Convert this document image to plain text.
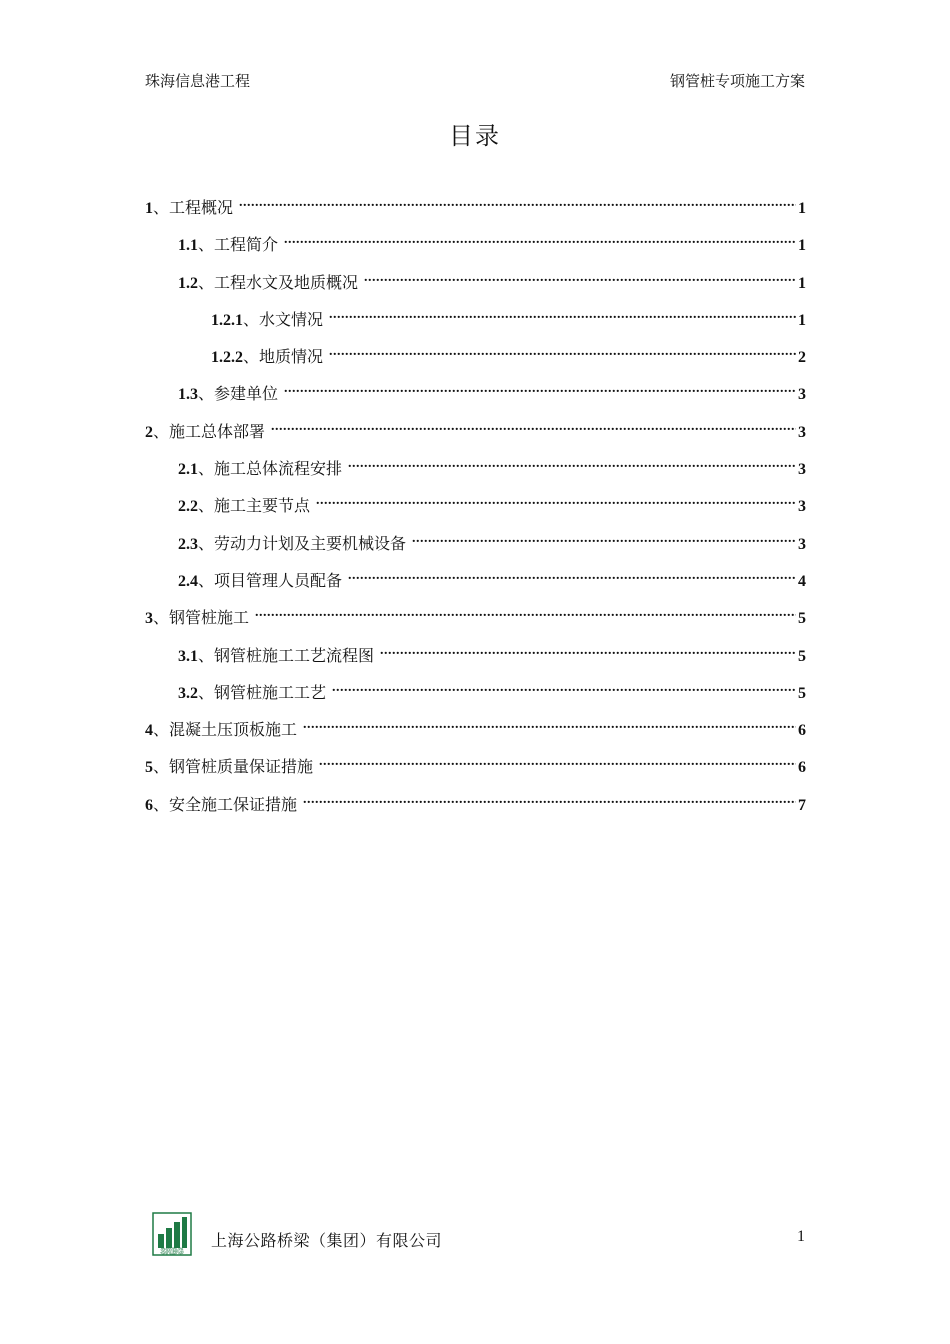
珠海信息港工程	钢管桩专项施工方案
目录
1 、 工程概况 .....	1
1.1 、 工程简介 .....	1
1.2 、 工程水文及地质概况 .....	1
1.2.1 、 水文情况 .....	1
1.2.2 、 地质情况 .....	2
1.3 、 参建单位 .....	3
2 、 施工总体部署 .....	3
2.1 、 施工总体流程安排 .....	3
2.2 、 施工主要节点 .....	3
2.3 、 劳动力计划及主要机械设备 .....	3
2.4 、 项目管理人员配备 .....	4
3 、 钢管桩施工 .....	5
3.1 、 钢管桩施工工艺流程图 .....	5
3.2 、 钢管桩施工工艺 .....	5
4 、 混凝土压顶板施工 .....	6
5 、 钢管桩质量保证措施 .....	6
6 、 安全施工保证措施 .....	7
SRBG
上海公路桥梁（集团）有限公司	1
